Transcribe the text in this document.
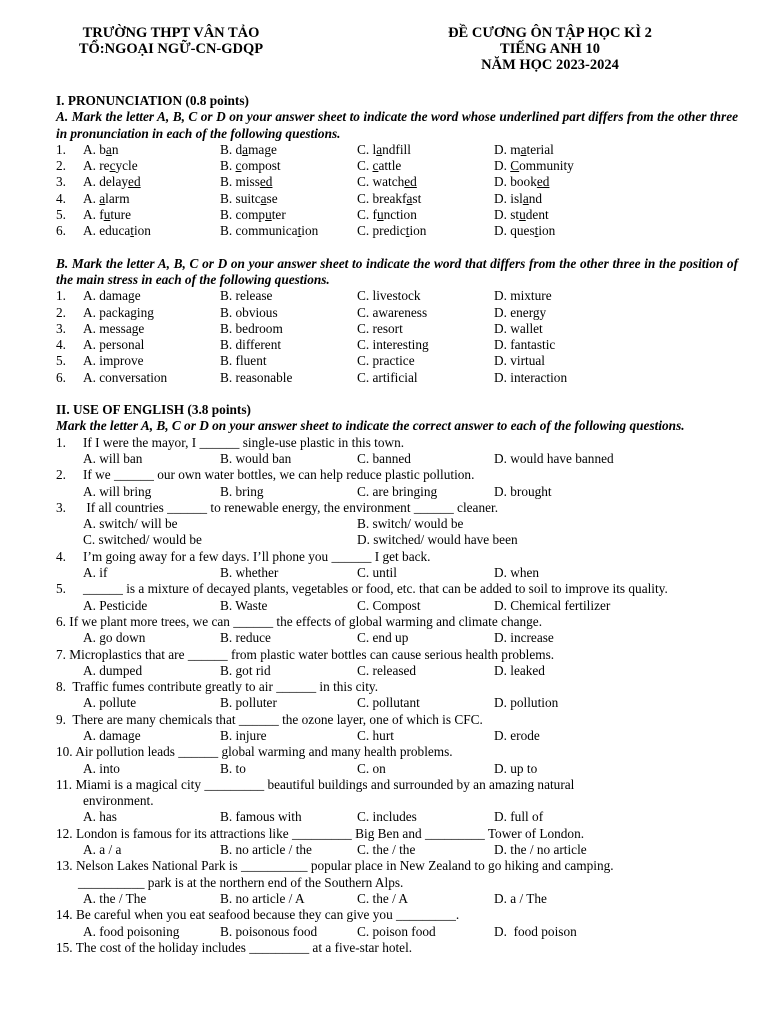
TRƯỜNG THPT VÂN TẢO
TỔ:NGOẠI NGỮ-CN-GDQP
ĐỀ CƯƠNG ÔN TẬP HỌC KÌ 2
TIẾNG ANH 10
NĂM HỌC 2023-2024
I. PRONUNCIATION (0.8 points)
A. Mark the letter A, B, C or D on your answer sheet to indicate the word whose underlined part differs from the other three in pronunciation in each of the following questions.
1. A. ban	B. damage	C. landfill	D. material
2. A. recycle	B. compost	C. cattle	D. Community
3. A. delayed	B. missed	C. watched	D. booked
4. A. alarm	B. suitcase	C. breakfast	D. island
5. A. future	B. computer	C. function	D. student
6. A. education	B. communication	C. prediction	D. question
B. Mark the letter A, B, C or D on your answer sheet to indicate the word that differs from the other three in the position of the main stress in each of the following questions.
1. A. damage	B. release	C. livestock	D. mixture
2. A. packaging	B. obvious	C. awareness	D. energy
3. A. message	B. bedroom	C. resort	D. wallet
4. A. personal	B. different	C. interesting	D. fantastic
5. A. improve	B. fluent	C. practice	D. virtual
6. A. conversation	B. reasonable	C. artificial	D. interaction
II. USE OF ENGLISH (3.8 points)
Mark the letter A, B, C or D on your answer sheet to indicate the correct answer to each of the following questions.
1. If I were the mayor, I ______ single-use plastic in this town.
A. will ban	B. would ban	C. banned	D. would have banned
2. If we ______ our own water bottles, we can help reduce plastic pollution.
A. will bring	B. bring	C. are bringing	D. brought
3. If all countries ______ to renewable energy, the environment ______ cleaner.
A. switch/ will be	B. switch/ would be
C. switched/ would be	D. switched/ would have been
4. I’m going away for a few days. I’ll phone you ______ I get back.
A. if	B. whether	C. until	D. when
5. ______ is a mixture of decayed plants, vegetables or food, etc. that can be added to soil to improve its quality.
A. Pesticide	B. Waste	C. Compost	D. Chemical fertilizer
6. If we plant more trees, we can ______ the effects of global warming and climate change.
A. go down	B. reduce	C. end up	D. increase
7. Microplastics that are ______ from plastic water bottles can cause serious health problems.
A. dumped	B. got rid	C. released	D. leaked
8.  Traffic fumes contribute greatly to air ______ in this city.
A. pollute	B. polluter	C. pollutant	D. pollution
9.  There are many chemicals that ______ the ozone layer, one of which is CFC.
A. damage	B. injure	C. hurt	D. erode
10. Air pollution leads ______ global warming and many health problems.
A. into	B. to	C. on	D. up to
11. Miami is a magical city _________ beautiful buildings and surrounded by an amazing natural
environment.
A. has	B. famous with	C. includes	D. full of
12. London is famous for its attractions like _________ Big Ben and _________ Tower of London.
A. a / a	B. no article / the	C. the / the	D. the / no article
13. Nelson Lakes National Park is __________ popular place in New Zealand to go hiking and camping.
__________ park is at the northern end of the Southern Alps.
A. the / The	B. no article / A	C. the / A	D. a / The
14. Be careful when you eat seafood because they can give you _________.
A. food poisoning	B. poisonous food	C. poison food	D.  food poison
15. The cost of the holiday includes _________ at a five-star hotel.
